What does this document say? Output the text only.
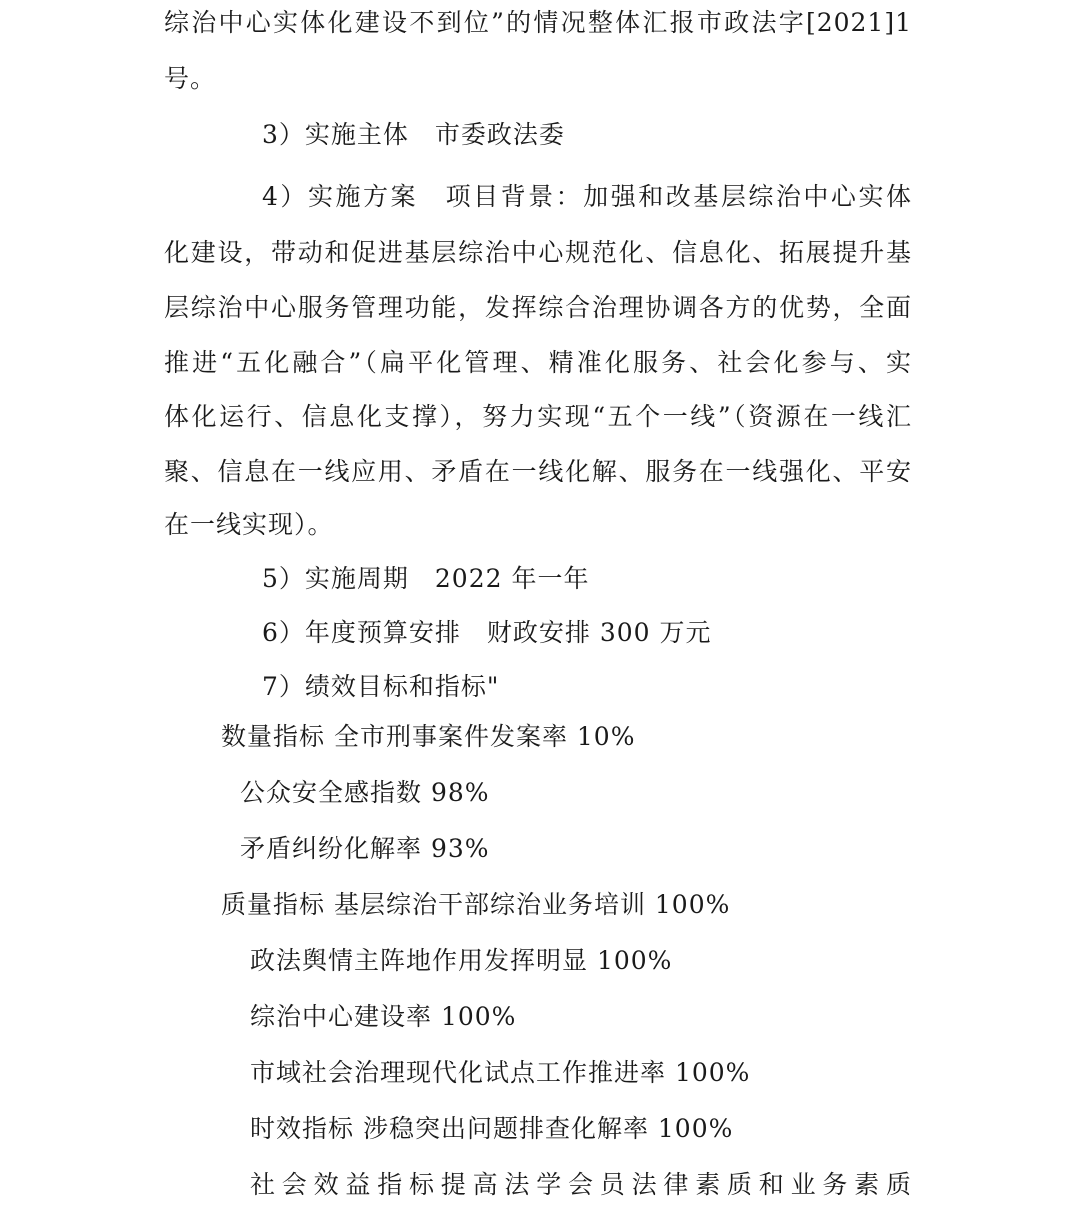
综治中心实体化建设不到位”的情况整体汇报市政法字[2021]1
号。
3）实施主体　市委政法委
4）实施方案　项目背景：加强和改基层综治中心实体
化建设，带动和促进基层综治中心规范化、信息化、拓展提升基
层综治中心服务管理功能，发挥综合治理协调各方的优势，全面
推进“五化融合”（扁平化管理、精准化服务、社会化参与、实
体化运行、信息化支撑），努力实现“五个一线”（资源在一线汇
聚、信息在一线应用、矛盾在一线化解、服务在一线强化、平安
在一线实现）。
5）实施周期　2022 年一年
6）年度预算安排　财政安排 300 万元
7）绩效目标和指标"
数量指标 全市刑事案件发案率 10%
公众安全感指数 98%
矛盾纠纷化解率 93%
质量指标 基层综治干部综治业务培训 100%
政法舆情主阵地作用发挥明显 100%
综治中心建设率 100%
市域社会治理现代化试点工作推进率 100%
时效指标 涉稳突出问题排查化解率 100%
社会效益指标提高法学会员法律素质和业务素质
